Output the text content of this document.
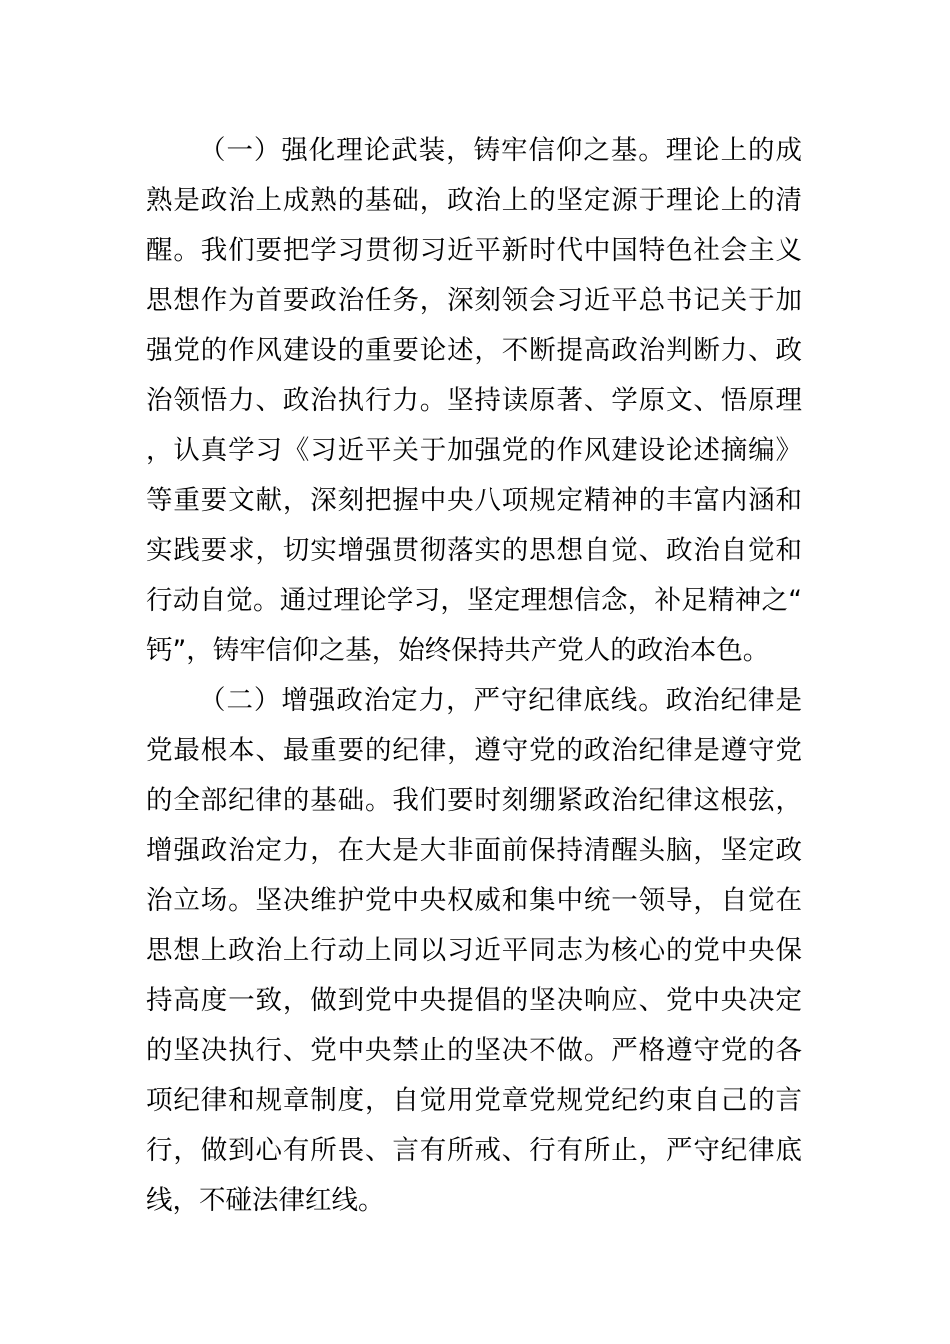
（一）强化理论武装，铸牢信仰之基。理论上的成熟是政治上成熟的基础，政治上的坚定源于理论上的清醒。我们要把学习贯彻习近平新时代中国特色社会主义思想作为首要政治任务，深刻领会习近平总书记关于加强党的作风建设的重要论述，不断提高政治判断力、政治领悟力、政治执行力。坚持读原著、学原文、悟原理，认真学习《习近平关于加强党的作风建设论述摘编》等重要文献，深刻把握中央八项规定精神的丰富内涵和实践要求，切实增强贯彻落实的思想自觉、政治自觉和行动自觉。通过理论学习，坚定理想信念，补足精神之“钙”，铸牢信仰之基，始终保持共产党人的政治本色。

（二）增强政治定力，严守纪律底线。政治纪律是党最根本、最重要的纪律，遵守党的政治纪律是遵守党的全部纪律的基础。我们要时刻绷紧政治纪律这根弦，增强政治定力，在大是大非面前保持清醒头脑，坚定政治立场。坚决维护党中央权威和集中统一领导，自觉在思想上政治上行动上同以习近平同志为核心的党中央保持高度一致，做到党中央提倡的坚决响应、党中央决定的坚决执行、党中央禁止的坚决不做。严格遵守党的各项纪律和规章制度，自觉用党章党规党纪约束自己的言行，做到心有所畏、言有所戒、行有所止，严守纪律底线，不碰法律红线。
